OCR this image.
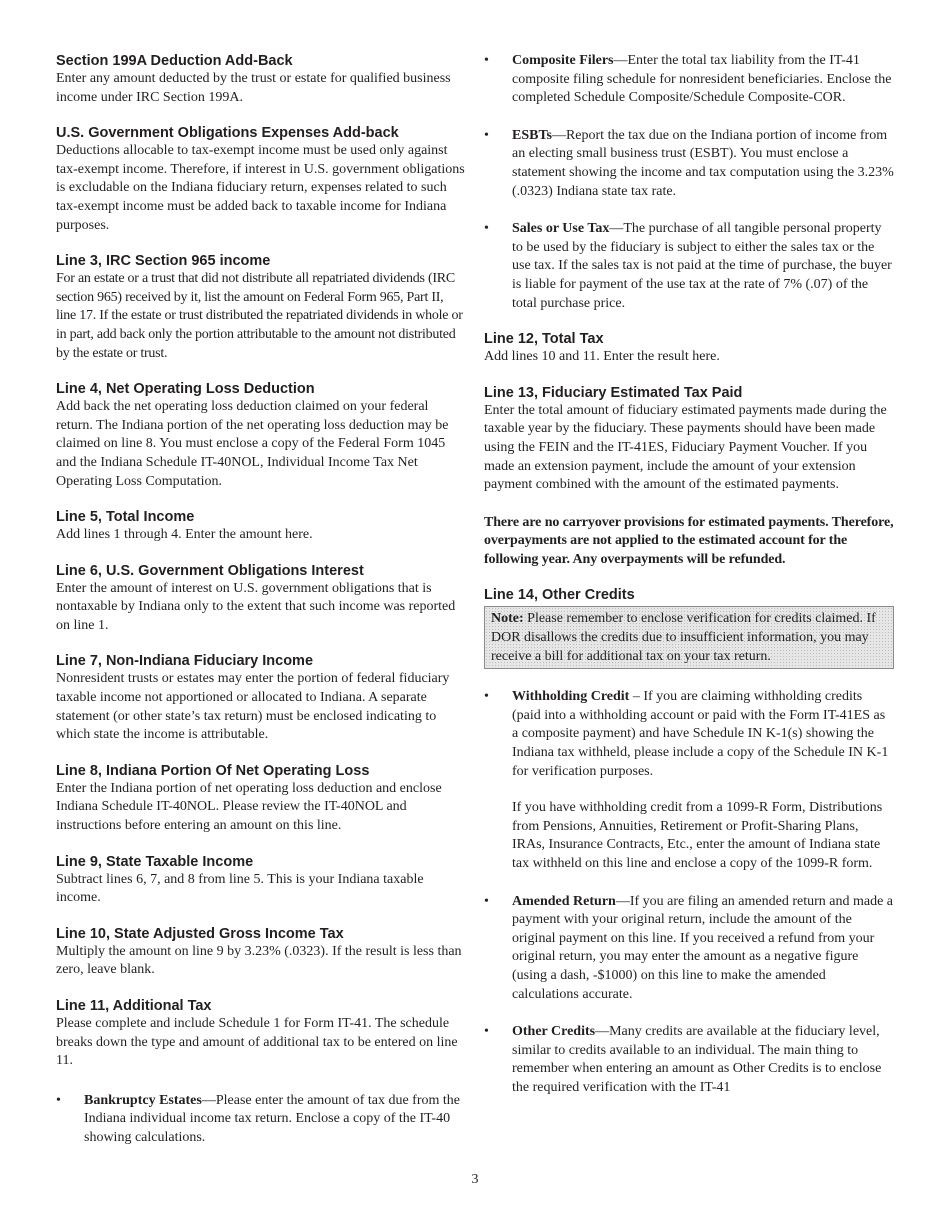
Section 199A Deduction Add-Back

Enter any amount deducted by the trust or estate for qualified business income under IRC Section 199A.

U.S. Government Obligations Expenses Add-back

Deductions allocable to tax-exempt income must be used only against tax-exempt income. Therefore, if interest in U.S. government obligations is excludable on the Indiana fiduciary return, expenses related to such tax-exempt income must be added back to taxable income for Indiana purposes.

Line 3, IRC Section 965 income

For an estate or a trust that did not distribute all repatriated dividends (IRC section 965) received by it, list the amount on Federal Form 965, Part II, line 17. If the estate or trust distributed the repatriated dividends in whole or in part, add back only the portion attributable to the amount not distributed by the estate or trust.

Line 4, Net Operating Loss Deduction

Add back the net operating loss deduction claimed on your federal return. The Indiana portion of the net operating loss deduction may be claimed on line 8. You must enclose a copy of the Federal Form 1045 and the Indiana Schedule IT-40NOL, Individual Income Tax Net Operating Loss Computation.

Line 5, Total Income

Add lines 1 through 4. Enter the amount here.

Line 6, U.S. Government Obligations Interest

Enter the amount of interest on U.S. government obligations that is nontaxable by Indiana only to the extent that such income was reported on line 1.

Line 7, Non-Indiana Fiduciary Income

Nonresident trusts or estates may enter the portion of federal fiduciary taxable income not apportioned or allocated to Indiana. A separate statement (or other state’s tax return) must be enclosed indicating to which state the income is attributable.

Line 8, Indiana Portion Of Net Operating Loss

Enter the Indiana portion of net operating loss deduction and enclose Indiana Schedule IT-40NOL. Please review the IT-40NOL and instructions before entering an amount on this line.

Line 9, State Taxable Income

Subtract lines 6, 7, and 8 from line 5. This is your Indiana taxable income.

Line 10, State Adjusted Gross Income Tax

Multiply the amount on line 9 by 3.23% (.0323). If the result is less than zero, leave blank.

Line 11, Additional Tax

Please complete and include Schedule 1 for Form IT-41. The schedule breaks down the type and amount of additional tax to be entered on line 11.

• Bankruptcy Estates—Please enter the amount of tax due from the Indiana individual income tax return. Enclose a copy of the IT-40 showing calculations.

• Composite Filers—Enter the total tax liability from the IT-41 composite filing schedule for nonresident beneficiaries. Enclose the completed Schedule Composite/Schedule Composite-COR.

• ESBTs—Report the tax due on the Indiana portion of income from an electing small business trust (ESBT). You must enclose a statement showing the income and tax computation using the 3.23% (.0323) Indiana state tax rate.

• Sales or Use Tax—The purchase of all tangible personal property to be used by the fiduciary is subject to either the sales tax or the use tax. If the sales tax is not paid at the time of purchase, the buyer is liable for payment of the use tax at the rate of 7% (.07) of the total purchase price.

Line 12, Total Tax

Add lines 10 and 11. Enter the result here.

Line 13, Fiduciary Estimated Tax Paid

Enter the total amount of fiduciary estimated payments made during the taxable year by the fiduciary. These payments should have been made using the FEIN and the IT-41ES, Fiduciary Payment Voucher. If you made an extension payment, include the amount of your extension payment combined with the amount of the estimated payments.

There are no carryover provisions for estimated payments. Therefore, overpayments are not applied to the estimated account for the following year. Any overpayments will be refunded.

Line 14, Other Credits

Note: Please remember to enclose verification for credits claimed. If DOR disallows the credits due to insufficient information, you may receive a bill for additional tax on your tax return.

• Withholding Credit – If you are claiming withholding credits (paid into a withholding account or paid with the Form IT-41ES as a composite payment) and have Schedule IN K-1(s) showing the Indiana tax withheld, please include a copy of the Schedule IN K-1 for verification purposes.

If you have withholding credit from a 1099-R Form, Distributions from Pensions, Annuities, Retirement or Profit-Sharing Plans, IRAs, Insurance Contracts, Etc., enter the amount of Indiana state tax withheld on this line and enclose a copy of the 1099-R form.

• Amended Return—If you are filing an amended return and made a payment with your original return, include the amount of the original payment on this line. If you received a refund from your original return, you may enter the amount as a negative figure (using a dash, -$1000) on this line to make the amended calculations accurate.

• Other Credits—Many credits are available at the fiduciary level, similar to credits available to an individual. The main thing to remember when entering an amount as Other Credits is to enclose the required verification with the IT-41

3
